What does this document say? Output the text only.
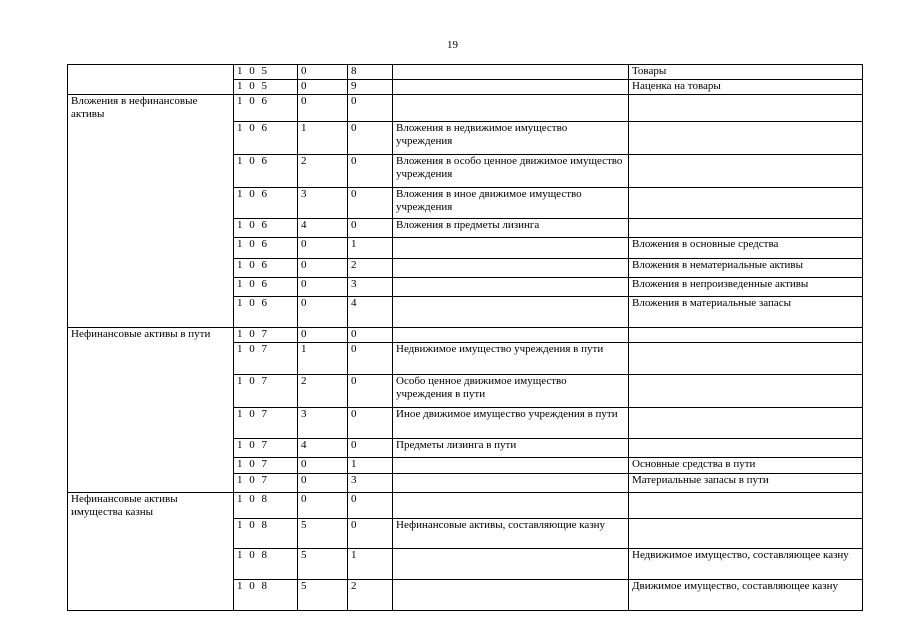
19
	1 0 5	0	8		Товары
	1 0 5	0	9		Наценка на товары
Вложения в нефинансовые активы	1 0 6	0	0		
	1 0 6	1	0	Вложения в недвижимое имущество учреждения	
	1 0 6	2	0	Вложения в особо ценное движимое имущество учреждения	
	1 0 6	3	0	Вложения в иное движимое имущество учреждения	
	1 0 6	4	0	Вложения в предметы лизинга	
	1 0 6	0	1		Вложения в основные средства
	1 0 6	0	2		Вложения в нематериальные активы
	1 0 6	0	3		Вложения в непроизведенные активы
	1 0 6	0	4		Вложения в материальные запасы
Нефинансовые активы в пути	1 0 7	0	0		
	1 0 7	1	0	Недвижимое имущество учреждения в пути	
	1 0 7	2	0	Особо ценное движимое имущество учреждения в пути	
	1 0 7	3	0	Иное движимое имущество учреждения в пути	
	1 0 7	4	0	Предметы лизинга в пути	
	1 0 7	0	1		Основные средства в пути
	1 0 7	0	3		Материальные запасы в пути
Нефинансовые активы имущества казны	1 0 8	0	0		
	1 0 8	5	0	Нефинансовые активы, составляющие казну	
	1 0 8	5	1		Недвижимое имущество, составляющее казну
	1 0 8	5	2		Движимое имущество, составляющее казну
